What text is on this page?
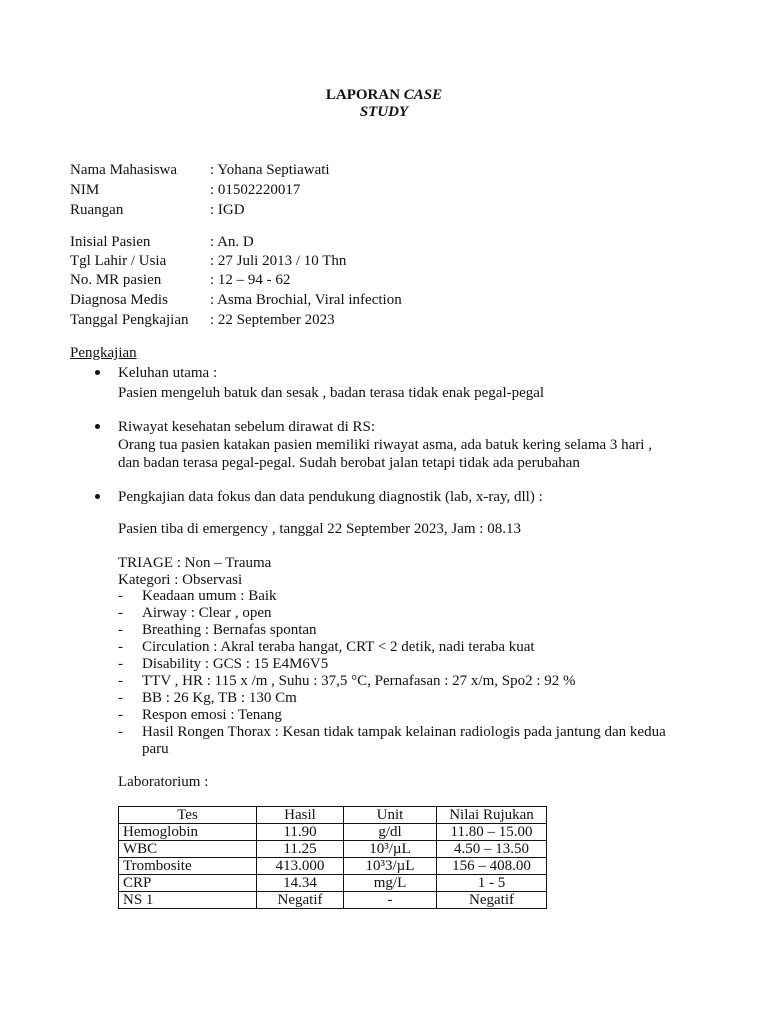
LAPORAN CASE
STUDY
Nama Mahasiswa : Yohana Septiawati
NIM	: 01502220017
Ruangan	: IGD
Inisial Pasien	: An. D
Tgl Lahir / Usia	: 27 Juli 2013 / 10 Thn
No. MR pasien	: 12 – 94 - 62
Diagnosa Medis	: Asma Brochial, Viral infection
Tanggal Pengkajian : 22 September 2023
Pengkajian
Keluhan utama :
Pasien mengeluh batuk dan sesak , badan terasa tidak enak pegal-pegal
Riwayat kesehatan sebelum dirawat di RS:
Orang tua pasien katakan pasien memiliki riwayat asma, ada batuk kering selama 3 hari ,
dan badan terasa pegal-pegal. Sudah berobat jalan tetapi tidak ada perubahan
Pengkajian data fokus dan data pendukung diagnostik (lab, x-ray, dll) :
Pasien tiba di emergency , tanggal 22 September 2023, Jam : 08.13
TRIAGE : Non – Trauma
Kategori : Observasi
- Keadaan umum : Baik
- Airway : Clear , open
- Breathing : Bernafas spontan
- Circulation : Akral teraba hangat, CRT < 2 detik, nadi teraba kuat
- Disability : GCS : 15 E4M6V5
- TTV , HR : 115 x /m , Suhu : 37,5 °C, Pernafasan : 27 x/m, Spo2 : 92 %
- BB : 26 Kg, TB : 130 Cm
- Respon emosi : Tenang
- Hasil Rongen Thorax : Kesan tidak tampak kelainan radiologis pada jantung dan kedua
paru
Laboratorium :
Tes	Hasil	Unit	Nilai Rujukan
Hemoglobin	11.90	g/dl	11.80 – 15.00
WBC	11.25	10³/µL	4.50 – 13.50
Trombosite	413.000	10³3/µL	156 – 408.00
CRP	14.34	mg/L	1 - 5
NS 1	Negatif	-	Negatif
